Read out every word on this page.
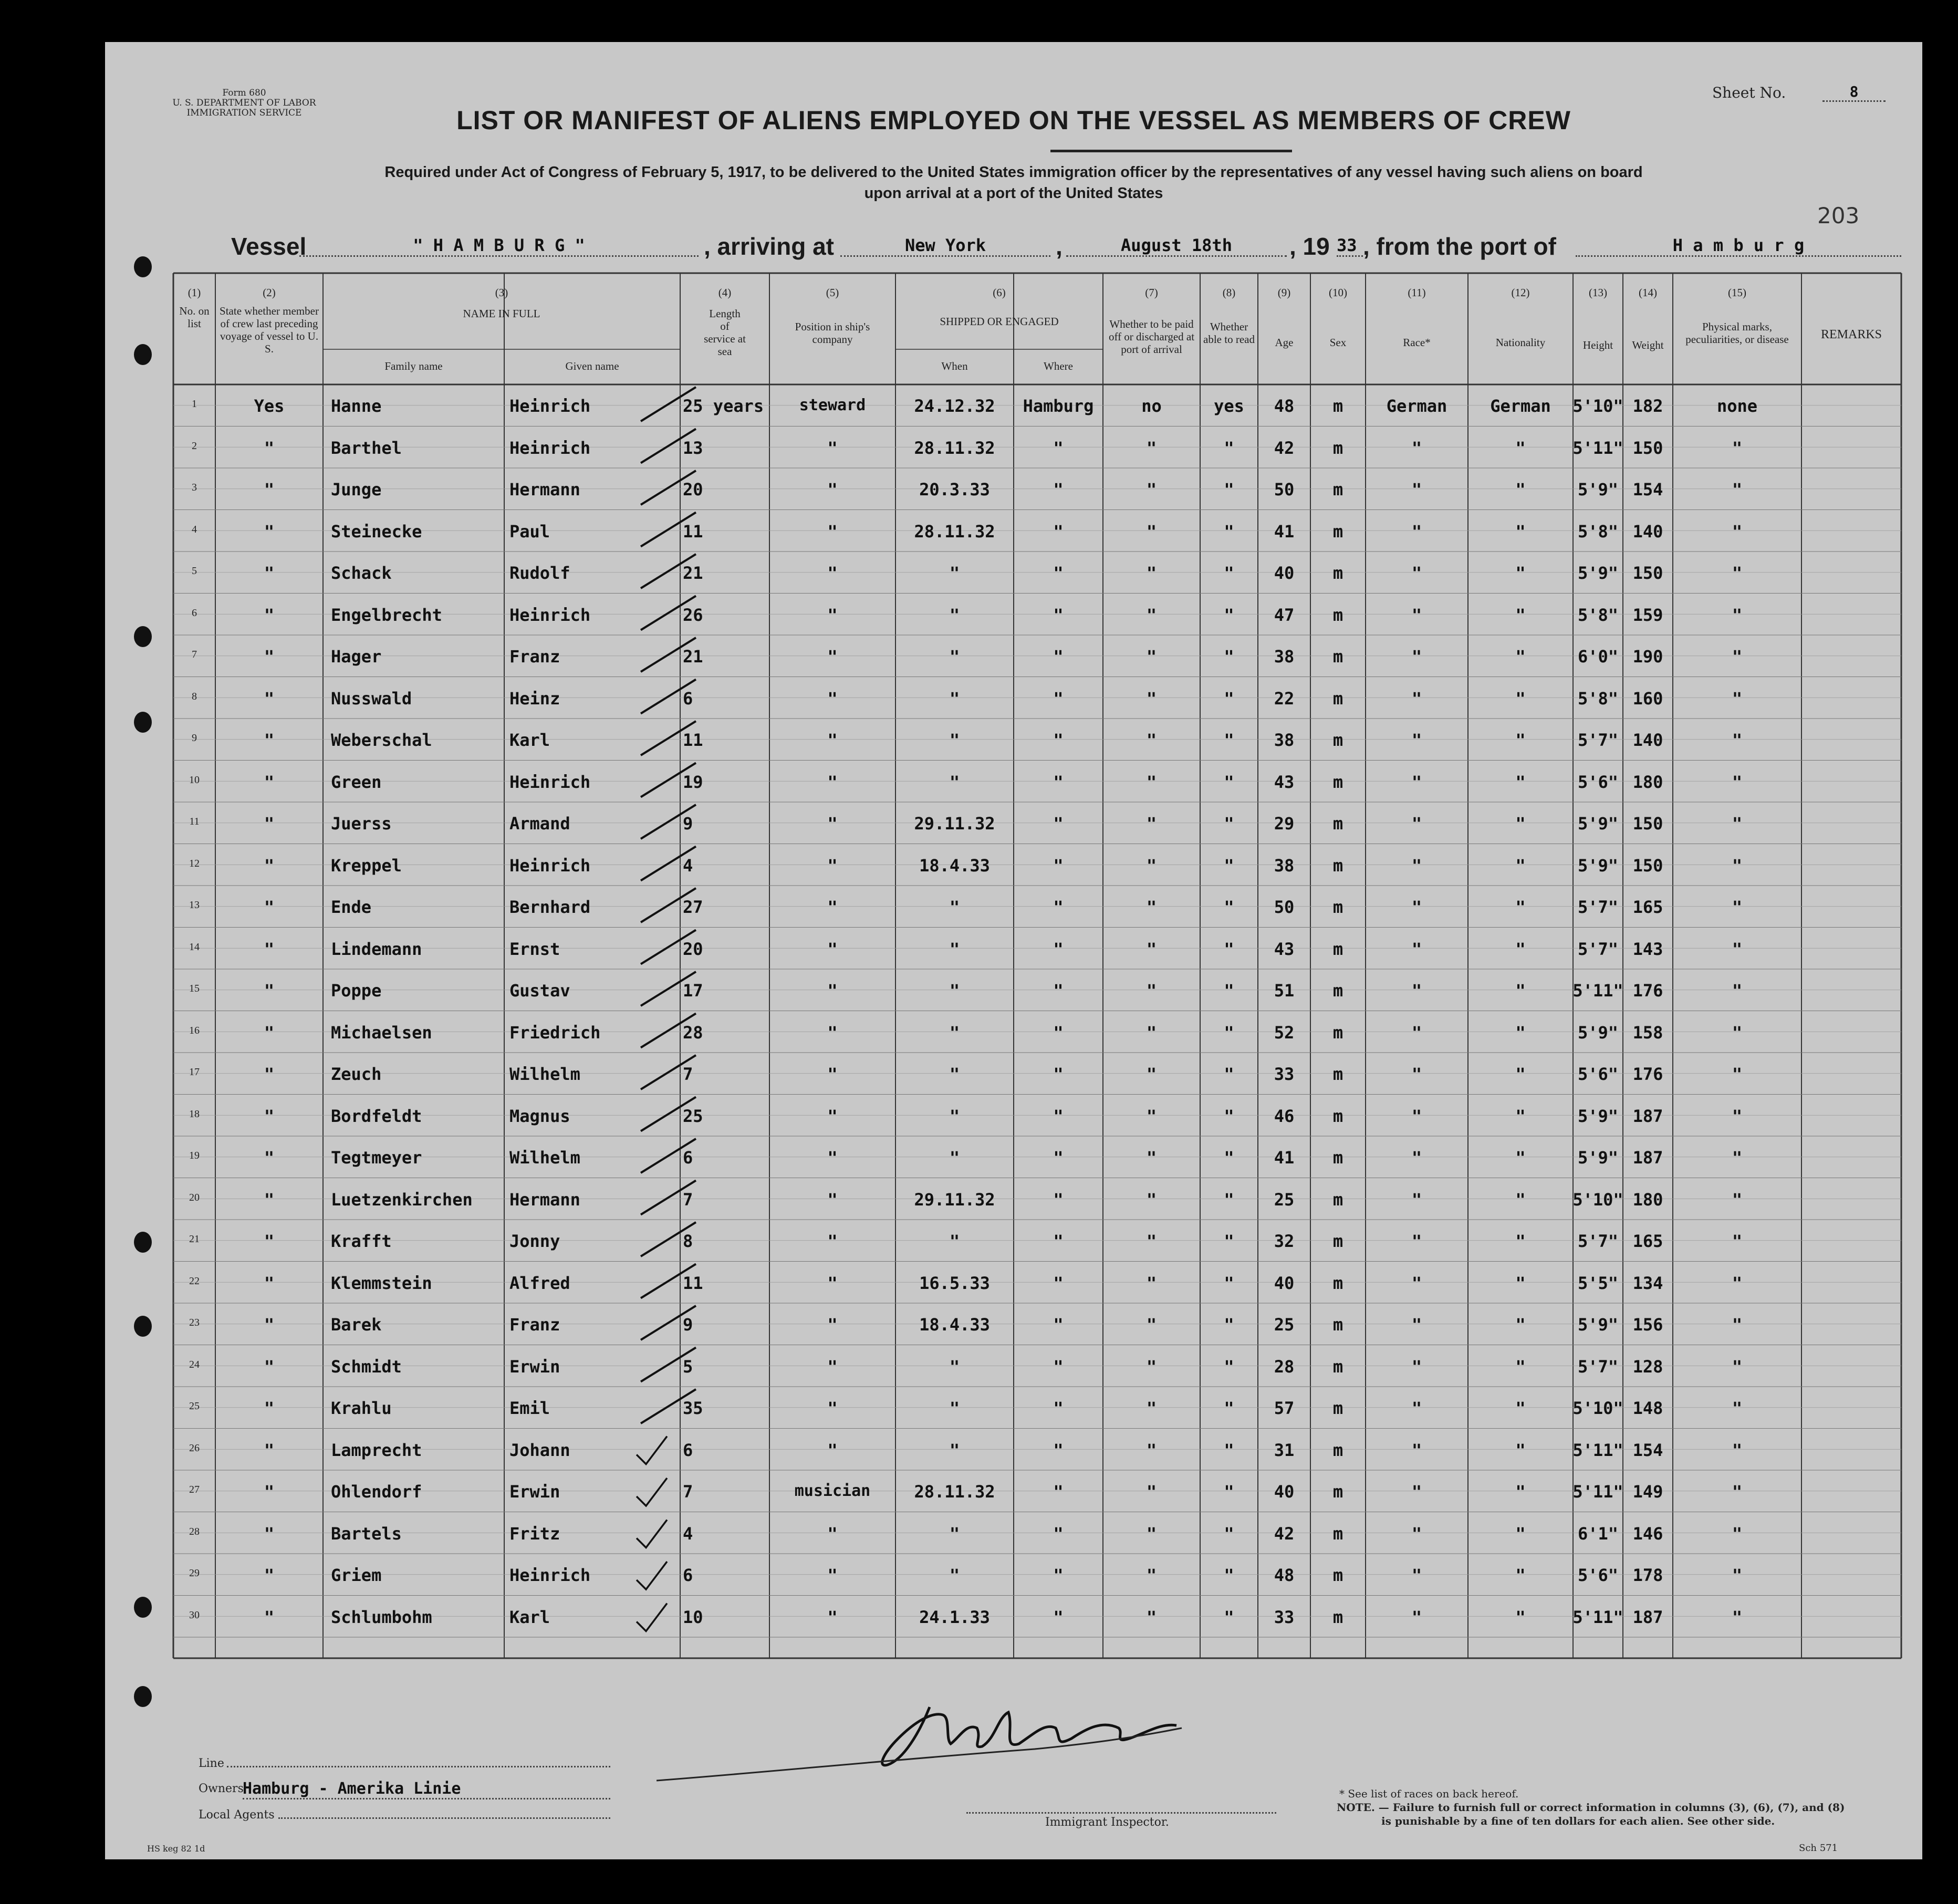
Form 680
U. S. DEPARTMENT OF LABOR
IMMIGRATION SERVICE
Sheet No.	8
LIST OR MANIFEST OF ALIENS EMPLOYED ON THE VESSEL AS MEMBERS OF CREW
Required under Act of Congress of February 5, 1917, to be delivered to the United States immigration officer by the representatives of any vessel having such aliens on board
upon arrival at a port of the United States
203
Vessel	" H A M B U R G "	, arriving at	New York	,	August 18th	, 19 33 , from the port of	H a m b u r g
(1)
No. on list
(2)
State whether member of crew last preceding voyage of vessel to U. S.
(3)
NAME IN FULL
Family name	Given name
(4)
Length of service at sea
(5)
Position in ship's company
(6)
SHIPPED OR ENGAGED
When	Where
(7)
Whether to be paid off or discharged at port of arrival
(8)
Whether able to read
(9)
Age
(10)
Sex
(11)
Race*
(12)
Nationality
(13)
Height
(14)
Weight
(15)
Physical marks, peculiarities, or disease	REMARKS
1	Yes	Hanne	Heinrich	25 years	steward	24.12.32	Hamburg	no	yes	48	m	German	German	5'10" 182	none
2	"	Barthel	Heinrich	13	"	28.11.32	"	"	"	42	m	"	"	5'11" 150	"
3	"	Junge	Hermann	20	"	20.3.33	"	"	"	50	m	"	"	5'9" 154	"
4	"	Steinecke	Paul	11	"	28.11.32	"	"	"	41	m	"	"	5'8" 140	"
5	"	Schack	Rudolf	21	"	"	"	"	"	40	m	"	"	5'9" 150	"
6	"	Engelbrecht	Heinrich	26	"	"	"	"	"	47	m	"	"	5'8" 159	"
7	"	Hager	Franz	21	"	"	"	"	"	38	m	"	"	6'0" 190	"
8	"	Nusswald	Heinz	6	"	"	"	"	"	22	m	"	"	5'8" 160	"
9	"	Weberschal	Karl	11	"	"	"	"	"	38	m	"	"	5'7" 140	"
10	"	Green	Heinrich	19	"	"	"	"	"	43	m	"	"	5'6" 180	"
11	"	Juerss	Armand	9	"	29.11.32	"	"	"	29	m	"	"	5'9" 150	"
12	"	Kreppel	Heinrich	4	"	18.4.33	"	"	"	38	m	"	"	5'9" 150	"
13	"	Ende	Bernhard	27	"	"	"	"	"	50	m	"	"	5'7" 165	"
14	"	Lindemann	Ernst	20	"	"	"	"	"	43	m	"	"	5'7" 143	"
15	"	Poppe	Gustav	17	"	"	"	"	"	51	m	"	"	5'11" 176	"
16	"	Michaelsen	Friedrich	28	"	"	"	"	"	52	m	"	"	5'9" 158	"
17	"	Zeuch	Wilhelm	7	"	"	"	"	"	33	m	"	"	5'6" 176	"
18	"	Bordfeldt	Magnus	25	"	"	"	"	"	46	m	"	"	5'9" 187	"
19	"	Tegtmeyer	Wilhelm	6	"	"	"	"	"	41	m	"	"	5'9" 187	"
20	"	Luetzenkirchen	Hermann	7	"	29.11.32	"	"	"	25	m	"	"	5'10" 180	"
21	"	Krafft	Jonny	8	"	"	"	"	"	32	m	"	"	5'7" 165	"
22	"	Klemmstein	Alfred	11	"	16.5.33	"	"	"	40	m	"	"	5'5" 134	"
23	"	Barek	Franz	9	"	18.4.33	"	"	"	25	m	"	"	5'9" 156	"
24	"	Schmidt	Erwin	5	"	"	"	"	"	28	m	"	"	5'7" 128	"
25	"	Krahlu	Emil	35	"	"	"	"	"	57	m	"	"	5'10" 148	"
26	"	Lamprecht	Johann	6	"	"	"	"	"	31	m	"	"	5'11" 154	"
27	"	Ohlendorf	Erwin	7	musician	28.11.32	"	"	"	40	m	"	"	5'11" 149	"
28	"	Bartels	Fritz	4	"	"	"	"	"	42	m	"	"	6'1" 146	"
29	"	Griem	Heinrich	6	"	"	"	"	"	48	m	"	"	5'6" 178	"
30	"	Schlumbohm	Karl	10	"	24.1.33	"	"	"	33	m	"	"	5'11" 187	"
Line
Owners
Hamburg - Amerika Linie
Local Agents
Immigrant Inspector.
* See list of races on back hereof.
NOTE. — Failure to furnish full or correct information in columns (3), (6), (7), and (8)
is punishable by a fine of ten dollars for each alien. See other side.
HS keg 82 1d	Sch 571
